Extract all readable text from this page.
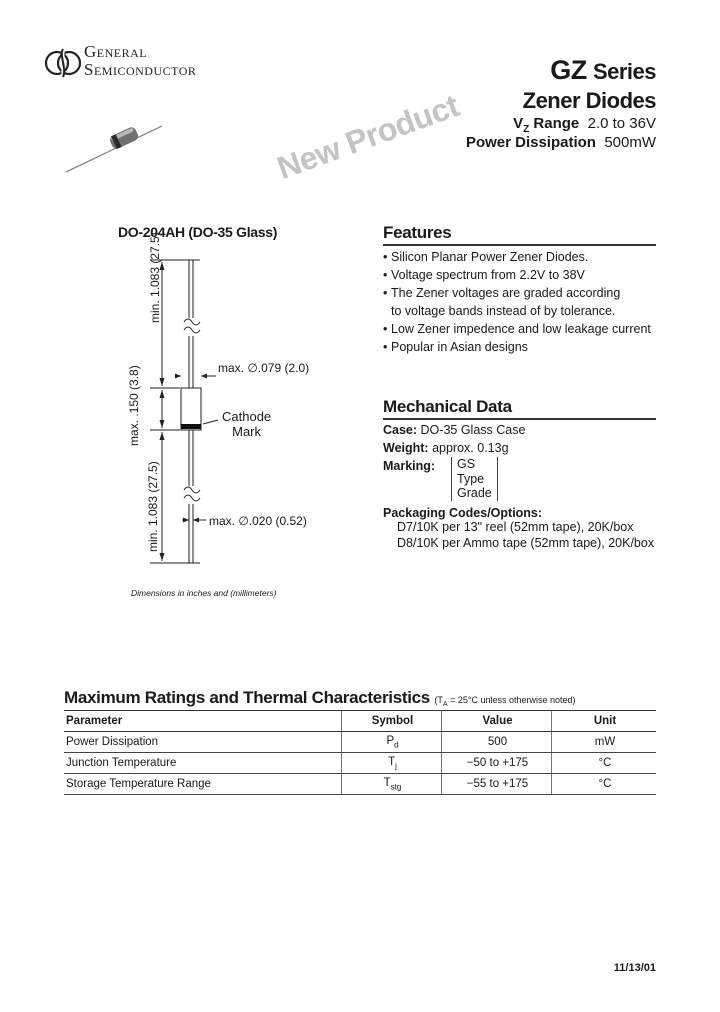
General
Semiconductor
New Product
GZ Series
Zener Diodes
$V_Z$ Range 2.0 to 36V
Power Dissipation 500mW
DO-204AH (DO-35 Glass)
min. 1.083 (27.5)
max. .150 (3.8)
min. 1.083 (27.5)
max. ∅.079 (2.0)
max. ∅.020 (0.52)
Cathode
Mark
Dimensions in inches and (millimeters)
Features
• Silicon Planar Power Zener Diodes.
• Voltage spectrum from 2.2V to 38V
• The Zener voltages are graded according to voltage bands instead of by tolerance.
• Low Zener impedence and low leakage current
• Popular in Asian designs
Mechanical Data
Case: DO-35 Glass Case
Weight: approx. 0.13g
Marking: GS
Type
Grade
Packaging Codes/Options:
D7/10K per 13" reel (52mm tape), 20K/box
D8/10K per Ammo tape (52mm tape), 20K/box
Maximum Ratings and Thermal Characteristics ($T_A = 25^\circ C$ unless otherwise noted)
Parameter	Symbol	Value	Unit
Power Dissipation	$P_d$	500	mW
Junction Temperature	$T_j$	−50 to +175	°C
Storage Temperature Range	$T_{stg}$	−55 to +175	°C
11/13/01
